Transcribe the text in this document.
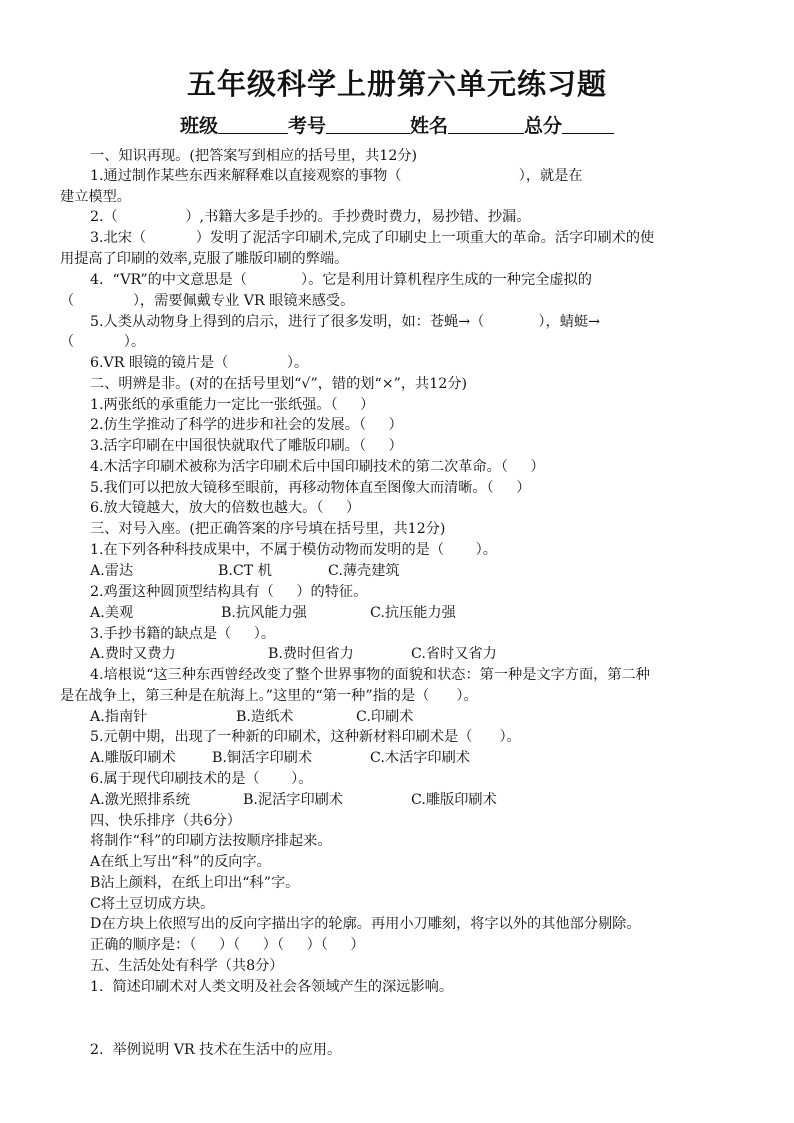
五年级科学上册第六单元练习题
班级	考号	姓名	总分
一、知识再现。(把答案写到相应的括号里，共12分)
1.通过制作某些东西来解释难以直接观察的事物（                          ），就是在
建立模型。
2.（               ）,书籍大多是手抄的。手抄费时费力，易抄错、抄漏。
3.北宋（           ）发明了泥活字印刷术,完成了印刷史上一项重大的革命。活字印刷术的使
用提高了印刷的效率,克服了雕版印刷的弊端。
4.  “VR”的中文意思是（            ）。它是利用计算机程序生成的一种完全虚拟的
（             ），需要佩戴专业 VR 眼镜来感受。
5.人类从动物身上得到的启示，进行了很多发明，如：苍蝇→（            ），蜻蜓→
（           ）。
6.VR 眼镜的镜片是（             ）。
二、明辨是非。(对的在括号里划“√”，错的划“×”，共12分)
1.两张纸的承重能力一定比一张纸强。（     ）
2.仿生学推动了科学的进步和社会的发展。（     ）
3.活字印刷在中国很快就取代了雕版印刷。（     ）
4.木活字印刷术被称为活字印刷术后中国印刷技术的第二次革命。（     ）
5.我们可以把放大镜移至眼前，再移动物体直至图像大而清晰。（     ）
6.放大镜越大，放大的倍数也越大。（     ）
三、对号入座。(把正确答案的序号填在括号里，共12分)
1.在下列各种科技成果中，不属于模仿动物而发明的是（       ）。
A.雷达	B.CT 机	C.薄壳建筑
2.鸡蛋这种圆顶型结构具有（     ）的特征。
A.美观	B.抗风能力强	C.抗压能力强
3.手抄书籍的缺点是（     ）。
A.费时又费力	B.费时但省力	C.省时又省力
4.培根说“这三种东西曾经改变了整个世界事物的面貌和状态：第一种是文字方面，第二种
是在战争上，第三种是在航海上。”这里的“第一种”指的是（      ）。
A.指南针	B.造纸术	C.印刷术
5.元朝中期，出现了一种新的印刷术，这种新材料印刷术是（      ）。
A.雕版印刷术	B.铜活字印刷术	C.木活字印刷术
6.属于现代印刷技术的是（       ）。
A.激光照排系统	B.泥活字印刷术	C.雕版印刷术
四、快乐排序（共6分）
将制作“科”的印刷方法按顺序排起来。
A在纸上写出“科”的反向字。
B沾上颜料，在纸上印出“科”字。
C将土豆切成方块。
D在方块上依照写出的反向字描出字的轮廓。再用小刀雕刻，将字以外的其他部分剔除。
正确的顺序是：（     ）（     ）（     ）（     ）
五、生活处处有科学（共8分）
1.  简述印刷术对人类文明及社会各领域产生的深远影响。
2.  举例说明 VR 技术在生活中的应用。
